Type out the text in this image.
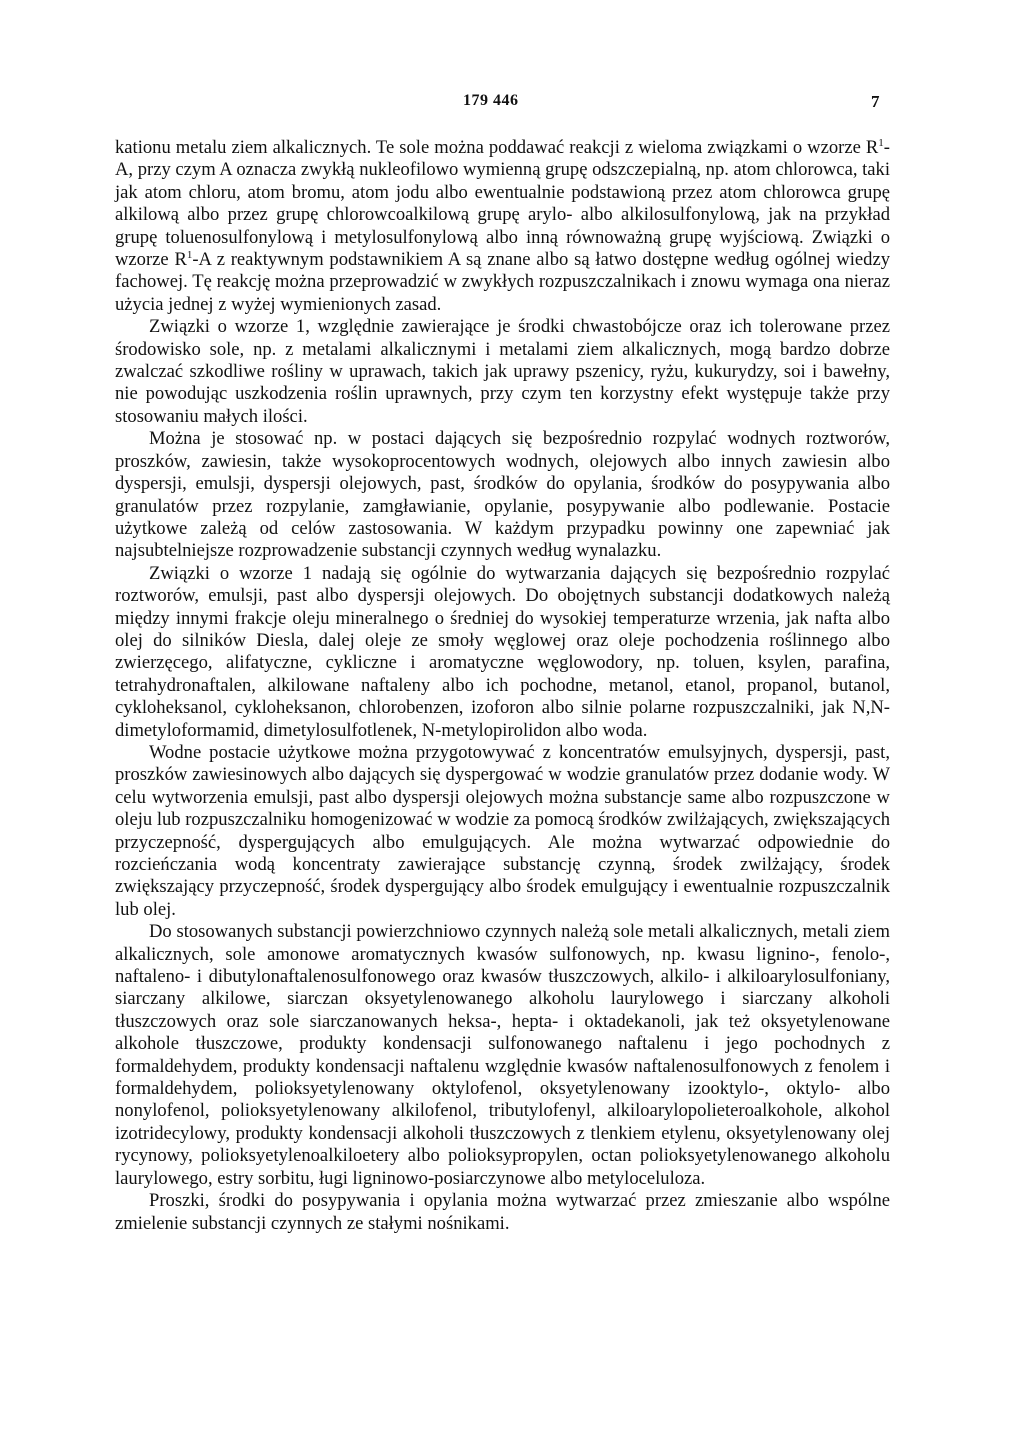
179 446	7

kationu metalu ziem alkalicznych. Te sole można poddawać reakcji z wieloma związkami o wzorze $R^1-A$, przy czym A oznacza zwykłą nukleofilowo wymienną grupę odszczepialną, np. atom chlorowca, taki jak atom chloru, atom bromu, atom jodu albo ewentualnie podstawioną przez atom chlorowca grupę alkilową albo przez grupę chlorowcoalkilową grupę arylo- albo alkilosulfonylową, jak na przykład grupę toluenosulfonylową i metylosulfonylową albo inną równoważną grupę wyjściową. Związki o wzorze $R^1-A$ z reaktywnym podstawnikiem A są znane albo są łatwo dostępne według ogólnej wiedzy fachowej. Tę reakcję można przeprowadzić w zwykłych rozpuszczalnikach i znowu wymaga ona nieraz użycia jednej z wyżej wymienionych zasad.

Związki o wzorze 1, względnie zawierające je środki chwastobójcze oraz ich tolerowane przez środowisko sole, np. z metalami alkalicznymi i metalami ziem alkalicznych, mogą bardzo dobrze zwalczać szkodliwe rośliny w uprawach, takich jak uprawy pszenicy, ryżu, kukurydzy, soi i bawełny, nie powodując uszkodzenia roślin uprawnych, przy czym ten korzystny efekt występuje także przy stosowaniu małych ilości.

Można je stosować np. w postaci dających się bezpośrednio rozpylać wodnych roztworów, proszków, zawiesin, także wysokoprocentowych wodnych, olejowych albo innych zawiesin albo dyspersji, emulsji, dyspersji olejowych, past, środków do opylania, środków do posypywania albo granulatów przez rozpylanie, zamgławianie, opylanie, posypywanie albo podlewanie. Postacie użytkowe zależą od celów zastosowania. W każdym przypadku powinny one zapewniać jak najsubtelniejsze rozprowadzenie substancji czynnych według wynalazku.

Związki o wzorze 1 nadają się ogólnie do wytwarzania dających się bezpośrednio rozpylać roztworów, emulsji, past albo dyspersji olejowych. Do obojętnych substancji dodatkowych należą między innymi frakcje oleju mineralnego o średniej do wysokiej temperaturze wrzenia, jak nafta albo olej do silników Diesla, dalej oleje ze smoły węglowej oraz oleje pochodzenia roślinnego albo zwierzęcego, alifatyczne, cykliczne i aromatyczne węglowodory, np. toluen, ksylen, parafina, tetrahydronaftalen, alkilowane naftaleny albo ich pochodne, metanol, etanol, propanol, butanol, cykloheksanol, cykloheksanon, chlorobenzen, izoforon albo silnie polarne rozpuszczalniki, jak N,N-dimetyloformamid, dimetylosulfotlenek, N-metylopirolidon albo woda.

Wodne postacie użytkowe można przygotowywać z koncentratów emulsyjnych, dyspersji, past, proszków zawiesinowych albo dających się dyspergować w wodzie granulatów przez dodanie wody. W celu wytworzenia emulsji, past albo dyspersji olejowych można substancje same albo rozpuszczone w oleju lub rozpuszczalniku homogenizować w wodzie za pomocą środków zwilżających, zwiększających przyczepność, dyspergujących albo emulgujących. Ale można wytwarzać odpowiednie do rozcieńczania wodą koncentraty zawierające substancję czynną, środek zwilżający, środek zwiększający przyczepność, środek dyspergujący albo środek emulgujący i ewentualnie rozpuszczalnik lub olej.

Do stosowanych substancji powierzchniowo czynnych należą sole metali alkalicznych, metali ziem alkalicznych, sole amonowe aromatycznych kwasów sulfonowych, np. kwasu lignino-, fenolo-, naftaleno- i dibutylonaftalenosulfonowego oraz kwasów tłuszczowych, alkilo- i alkiloarylosulfoniany, siarczany alkilowe, siarczan oksyetylenowanego alkoholu laurylowego i siarczany alkoholi tłuszczowych oraz sole siarczanowanych heksa-, hepta- i oktadekanoli, jak też oksyetylenowane alkohole tłuszczowe, produkty kondensacji sulfonowanego naftalenu i jego pochodnych z formaldehydem, produkty kondensacji naftalenu względnie kwasów naftalenosulfonowych z fenolem i formaldehydem, polioksyetylenowany oktylofenol, oksyetylenowany izooktylo-, oktylo- albo nonylofenol, polioksyetylenowany alkilofenol, tributylofenyl, alkiloarylopolieteroalkohole, alkohol izotridecylowy, produkty kondensacji alkoholi tłuszczowych z tlenkiem etylenu, oksyetylenowany olej rycynowy, polioksyetylenoalkiloetery albo polioksypropylen, octan polioksyetylenowanego alkoholu laurylowego, estry sorbitu, ługi ligninowo-posiarczynowe albo metyloceluloza.

Proszki, środki do posypywania i opylania można wytwarzać przez zmieszanie albo wspólne zmielenie substancji czynnych ze stałymi nośnikami.
